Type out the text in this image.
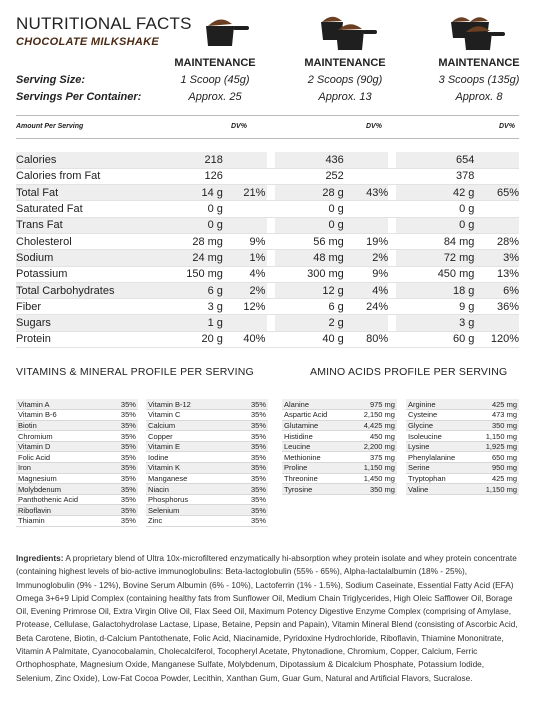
NUTRITIONAL FACTS
CHOCOLATE MILKSHAKE
MAINTENANCE	MAINTENANCE	MAINTENANCE
Serving Size:	1 Scoop (45g)	2 Scoops (90g)	3 Scoops (135g)
Servings Per Container:	Approx. 25	Approx. 13	Approx. 8
Amount Per Serving	DV%	DV%	DV%
Calories	218			436			654	
Calories from Fat	126			252			378	
Total Fat	14 g	21%		28 g	43%		42 g	65%
Saturated Fat	0 g			0 g			0 g	
Trans Fat	0 g			0 g			0 g	
Cholesterol	28 mg	9%		56 mg	19%		84 mg	28%
Sodium	24 mg	1%		48 mg	2%		72 mg	3%
Potassium	150 mg	4%		300 mg	9%		450 mg	13%
Total Carbohydrates	6 g	2%		12 g	4%		18 g	6%
Fiber	3 g	12%		6 g	24%		9 g	36%
Sugars	1 g			2 g			3 g	
Protein	20 g	40%		40 g	80%		60 g	120%
VITAMINS & MINERAL PROFILE PER SERVING	AMINO ACIDS PROFILE PER SERVING
Vitamin A	35%		Vitamin B-12	35%
Vitamin B-6	35%		Vitamin C	35%
Biotin	35%		Calcium	35%
Chromium	35%		Copper	35%
Vitamin D	35%		Vitamin E	35%
Folic Acid	35%		Iodine	35%
Iron	35%		Vitamin K	35%
Magnesium	35%		Manganese	35%
Molybdenum	35%		Niacin	35%
Panthothenic Acid	35%		Phosphorus	35%
Riboflavin	35%		Selenium	35%
Thiamin	35%		Zinc	35%
Alanine	975 mg		Arginine	425 mg
Aspartic Acid	2,150 mg		Cysteine	473 mg
Glutamine	4,425 mg		Glycine	350 mg
Histidine	450 mg		Isoleucine	1,150 mg
Leucine	2,200 mg		Lysine	1,925 mg
Methionine	375 mg		Phenylalanine	650 mg
Proline	1,150 mg		Serine	950 mg
Threonine	1,450 mg		Tryptophan	425 mg
Tyrosine	350 mg		Valine	1,150 mg
Ingredients: A proprietary blend of Ultra 10x-microfiltered enzymatically hi-absorption whey protein isolate and whey protein concentrate (containing highest levels of bio-active immunoglobulins: Beta-lactoglobulin (55% - 65%), Alpha-lactalalbumin (18% - 25%), Immunoglobulin (9% - 12%), Bovine Serum Albumin (6% - 10%), Lactoferrin (1% - 1.5%), Sodium Caseinate, Essential Fatty Acid (EFA) Omega 3+6+9 Lipid Complex (containing healthy fats from Sunflower Oil, Medium Chain Triglycerides, High Oleic Safflower Oil, Borage Oil, Evening Primrose Oil, Extra Virgin Olive Oil, Flax Seed Oil, Maximum Potency Digestive Enzyme Complex (comprising of Amylase, Protease, Cellulase, Galactohydrolase Lactase, Lipase, Betaine, Pepsin and Papain), Vitamin Mineral Blend (consisting of Ascorbic Acid, Beta Carotene, Biotin, d-Calcium Pantothenate, Folic Acid, Niacinamide, Pyridoxine Hydrochloride, Riboflavin, Thiamine Mononitrate, Vitamin A Palmitate, Cyanocobalamin, Cholecalciferol, Tocopheryl Acetate, Phytonadione, Chromium, Copper, Calcium, Ferric Orthophosphate, Magnesium Oxide, Manganese Sulfate, Molybdenum, Dipotassium & Dicalcium Phosphate, Potassium Iodide, Selenium, Zinc Oxide), Low-Fat Cocoa Powder, Lecithin, Xanthan Gum, Guar Gum, Natural and Artificial Flavors, Sucralose.
